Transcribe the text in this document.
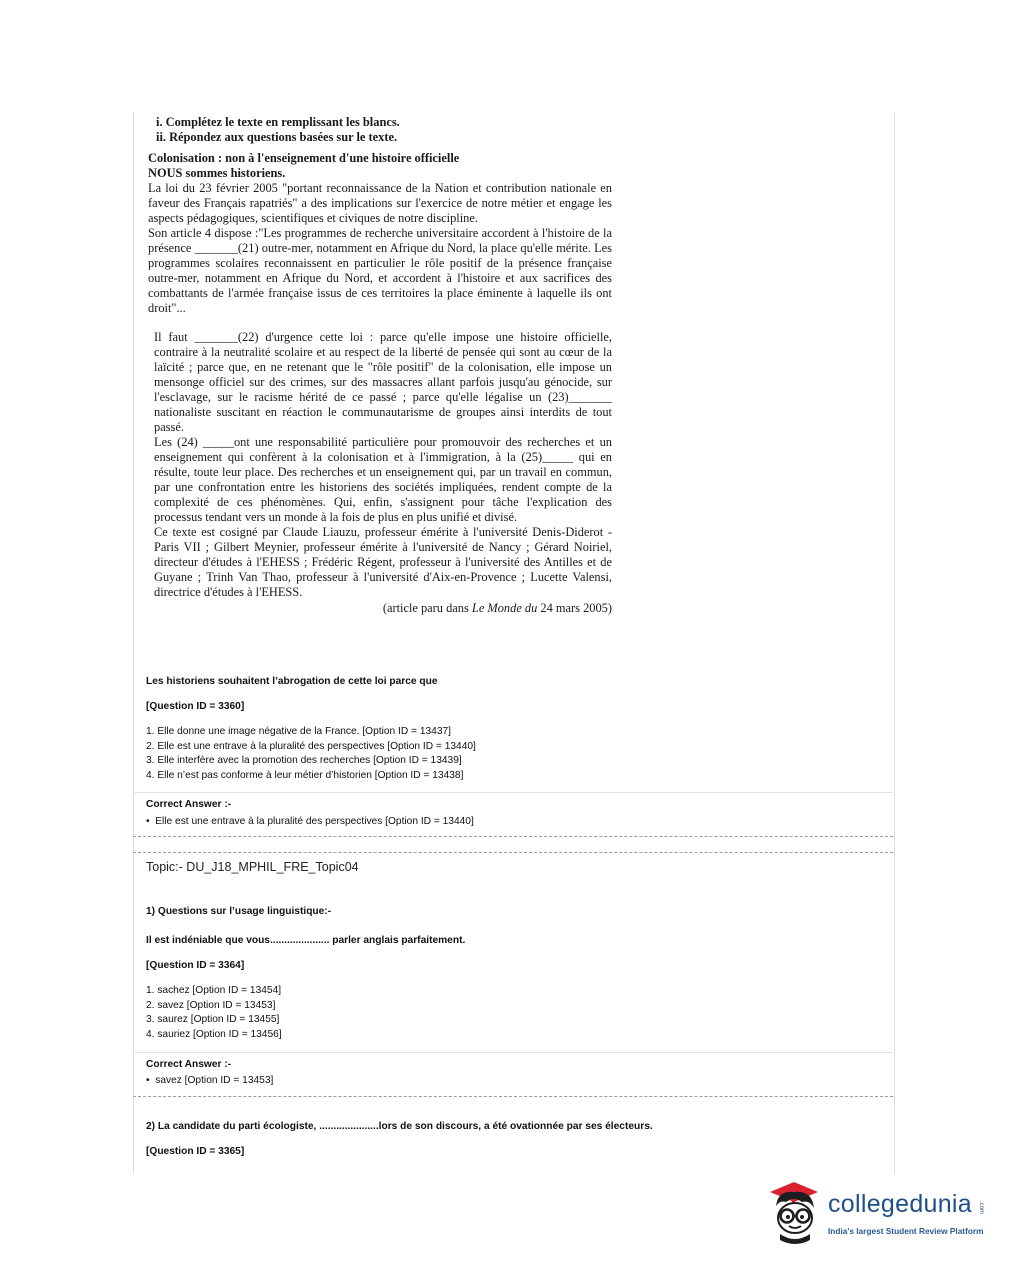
i. Complétez le texte en remplissant les blancs.
ii. Répondez aux questions basées sur le texte.
Colonisation : non à l'enseignement d'une histoire officielle
NOUS sommes historiens.

La loi du 23 février 2005 "portant reconnaissance de la Nation et contribution nationale en faveur des Français rapatriés" a des implications sur l'exercice de notre métier et engage les aspects pédagogiques, scientifiques et civiques de notre discipline.

Son article 4 dispose :"Les programmes de recherche universitaire accordent à l'histoire de la présence _______(21) outre-mer, notamment en Afrique du Nord, la place qu'elle mérite. Les programmes scolaires reconnaissent en particulier le rôle positif de la présence française outre-mer, notamment en Afrique du Nord, et accordent à l'histoire et aux sacrifices des combattants de l'armée française issus de ces territoires la place éminente à laquelle ils ont droit"...

Il faut _______(22) d'urgence cette loi : parce qu'elle impose une histoire officielle, contraire à la neutralité scolaire et au respect de la liberté de pensée qui sont au cœur de la laïcité ; parce que, en ne retenant que le "rôle positif" de la colonisation, elle impose un mensonge officiel sur des crimes, sur des massacres allant parfois jusqu'au génocide, sur l'esclavage, sur le racisme hérité de ce passé ; parce qu'elle légalise un (23)_______ nationaliste suscitant en réaction le communautarisme de groupes ainsi interdits de tout passé.

Les (24) _____ont une responsabilité particulière pour promouvoir des recherches et un enseignement qui confèrent à la colonisation et à l'immigration, à la (25)_____ qui en résulte, toute leur place. Des recherches et un enseignement qui, par un travail en commun, par une confrontation entre les historiens des sociétés impliquées, rendent compte de la complexité de ces phénomènes. Qui, enfin, s'assignent pour tâche l'explication des processus tendant vers un monde à la fois de plus en plus unifié et divisé.

Ce texte est cosigné par Claude Liauzu, professeur émérite à l'université Denis-Diderot - Paris VII ; Gilbert Meynier, professeur émérite à l'université de Nancy ; Gérard Noiriel, directeur d'études à l'EHESS ; Frédéric Régent, professeur à l'université des Antilles et de Guyane ; Trinh Van Thao, professeur à l'université d'Aix-en-Provence ; Lucette Valensi, directrice d'études à l'EHESS.

(article paru dans Le Monde du 24 mars 2005)
Les historiens souhaitent l’abrogation de cette loi parce que
[Question ID = 3360]
1. Elle donne une image négative de la France. [Option ID = 13437]
2. Elle est une entrave à la pluralité des perspectives [Option ID = 13440]
3. Elle interfère avec la promotion des recherches [Option ID = 13439]
4. Elle n’est pas conforme à leur métier d’historien [Option ID = 13438]
Correct Answer :-
•  Elle est une entrave à la pluralité des perspectives [Option ID = 13440]
Topic:- DU_J18_MPHIL_FRE_Topic04
1) Questions sur l’usage linguistique:-
Il est indéniable que vous..................... parler anglais parfaitement.
[Question ID = 3364]
1. sachez [Option ID = 13454]
2. savez [Option ID = 13453]
3. saurez [Option ID = 13455]
4. sauriez [Option ID = 13456]
Correct Answer :-
•  savez [Option ID = 13453]
2) La candidate du parti écologiste, .....................lors de son discours, a été ovationnée par ses électeurs.
[Question ID = 3365]
collegedunia .com
India's largest Student Review Platform
